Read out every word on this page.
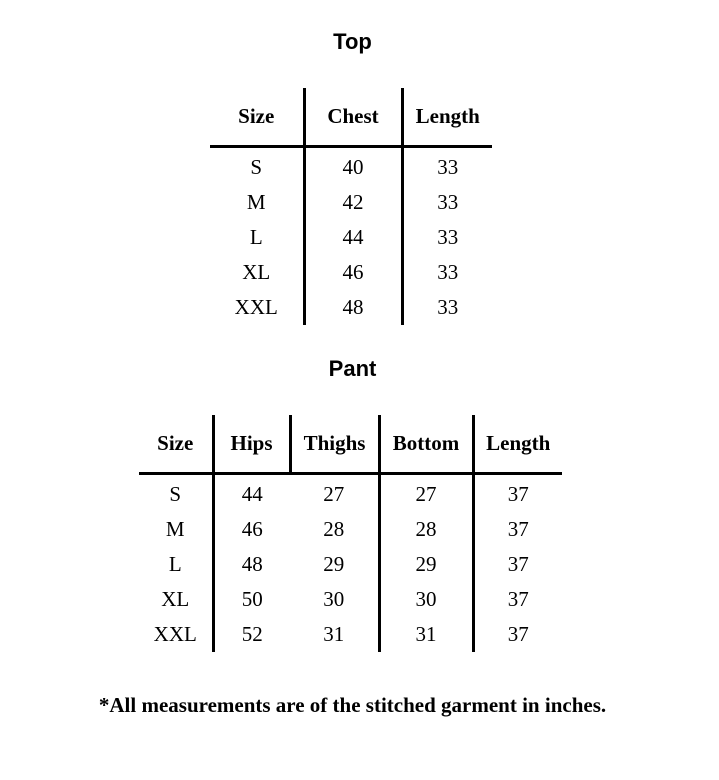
Top
Size	Chest	Length
S	40	33
M	42	33
L	44	33
XL	46	33
XXL	48	33
Pant
Size	Hips	Thighs	Bottom	Length
S	44	27	27	37
M	46	28	28	37
L	48	29	29	37
XL	50	30	30	37
XXL	52	31	31	37
*All measurements are of the stitched garment in inches.
